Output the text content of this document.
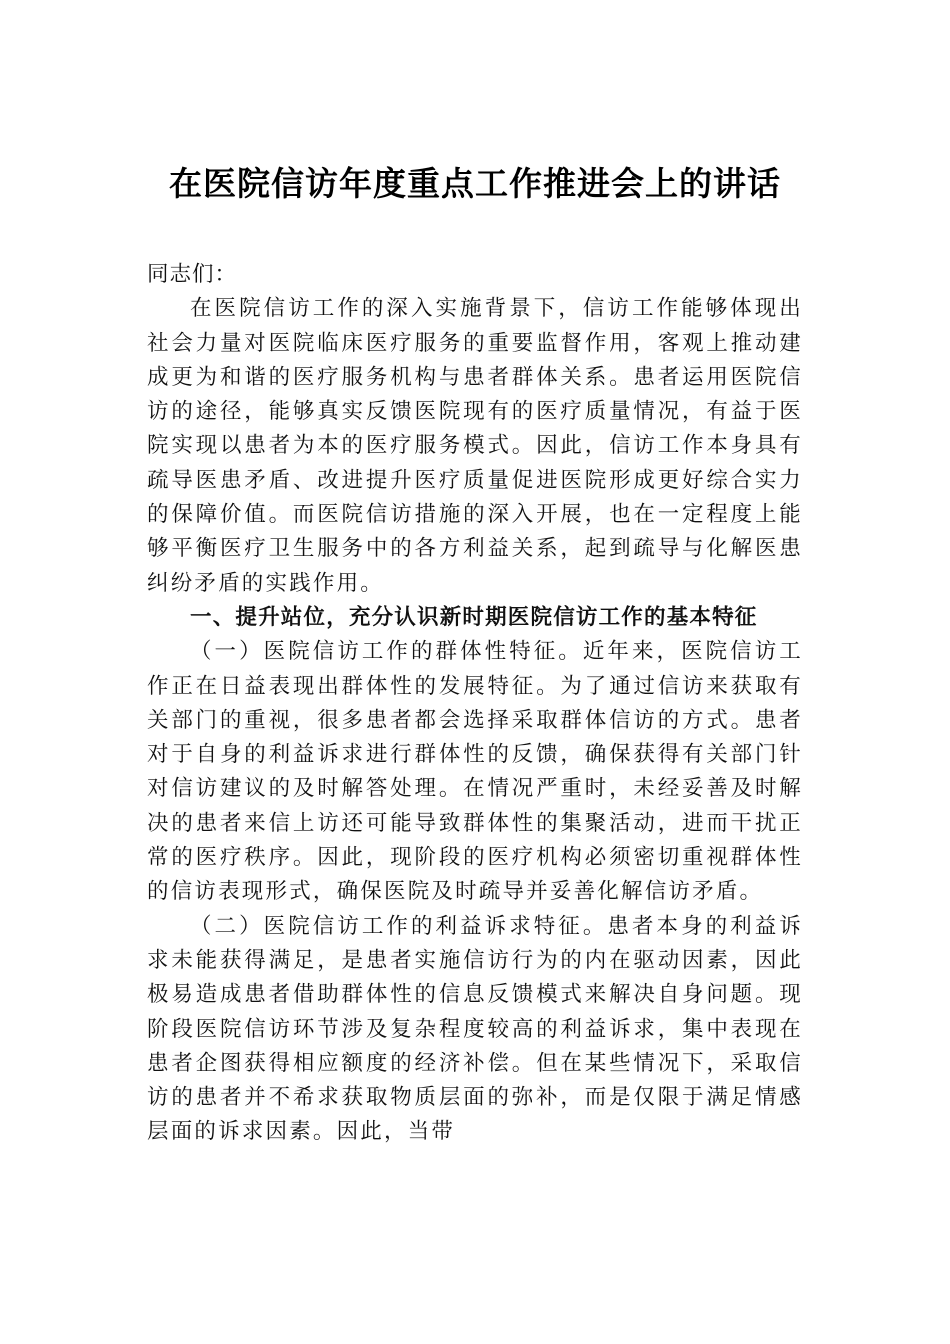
在医院信访年度重点工作推进会上的讲话

同志们：

在医院信访工作的深入实施背景下，信访工作能够体现出社会力量对医院临床医疗服务的重要监督作用，客观上推动建成更为和谐的医疗服务机构与患者群体关系。患者运用医院信访的途径，能够真实反馈医院现有的医疗质量情况，有益于医院实现以患者为本的医疗服务模式。因此，信访工作本身具有疏导医患矛盾、改进提升医疗质量促进医院形成更好综合实力的保障价值。而医院信访措施的深入开展，也在一定程度上能够平衡医疗卫生服务中的各方利益关系，起到疏导与化解医患纠纷矛盾的实践作用。

一、提升站位，充分认识新时期医院信访工作的基本特征

（一）医院信访工作的群体性特征。近年来，医院信访工作正在日益表现出群体性的发展特征。为了通过信访来获取有关部门的重视，很多患者都会选择采取群体信访的方式。患者对于自身的利益诉求进行群体性的反馈，确保获得有关部门针对信访建议的及时解答处理。在情况严重时，未经妥善及时解决的患者来信上访还可能导致群体性的集聚活动，进而干扰正常的医疗秩序。因此，现阶段的医疗机构必须密切重视群体性的信访表现形式，确保医院及时疏导并妥善化解信访矛盾。

（二）医院信访工作的利益诉求特征。患者本身的利益诉求未能获得满足，是患者实施信访行为的内在驱动因素，因此极易造成患者借助群体性的信息反馈模式来解决自身问题。现阶段医院信访环节涉及复杂程度较高的利益诉求，集中表现在患者企图获得相应额度的经济补偿。但在某些情况下，采取信访的患者并不希求获取物质层面的弥补，而是仅限于满足情感层面的诉求因素。因此，当带
